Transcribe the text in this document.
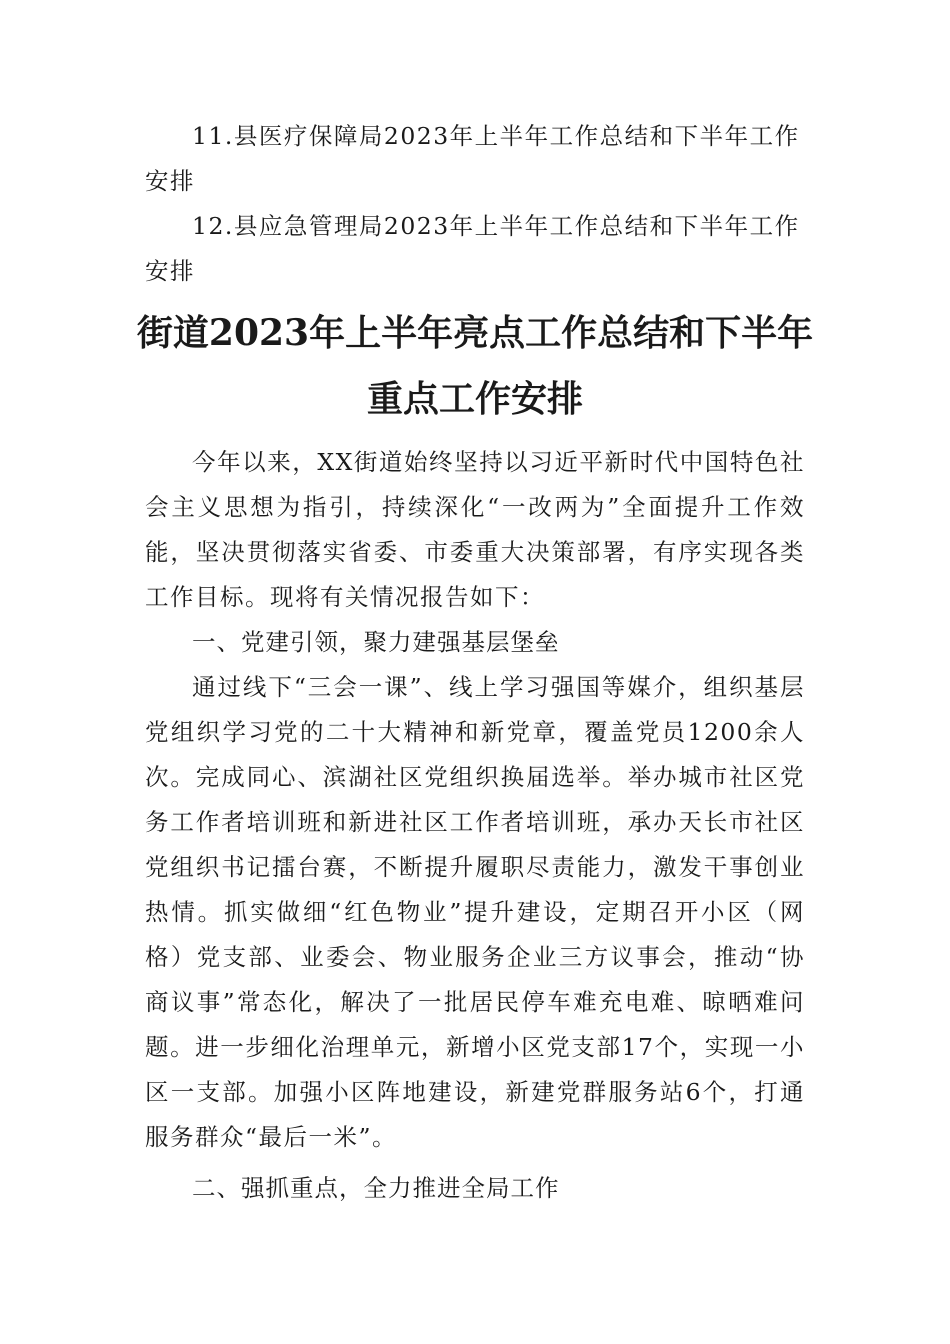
11.县医疗保障局2023年上半年工作总结和下半年工作安排

12.县应急管理局2023年上半年工作总结和下半年工作安排

街道2023年上半年亮点工作总结和下半年
重点工作安排

今年以来，XX街道始终坚持以习近平新时代中国特色社会主义思想为指引，持续深化“一改两为”全面提升工作效能，坚决贯彻落实省委、市委重大决策部署，有序实现各类工作目标。现将有关情况报告如下：

一、党建引领，聚力建强基层堡垒

通过线下“三会一课”、线上学习强国等媒介，组织基层党组织学习党的二十大精神和新党章，覆盖党员1200余人次。完成同心、滨湖社区党组织换届选举。举办城市社区党务工作者培训班和新进社区工作者培训班，承办天长市社区党组织书记擂台赛，不断提升履职尽责能力，激发干事创业热情。抓实做细“红色物业”提升建设，定期召开小区（网格）党支部、业委会、物业服务企业三方议事会，推动“协商议事”常态化，解决了一批居民停车难充电难、晾晒难问题。进一步细化治理单元，新增小区党支部17个，实现一小区一支部。加强小区阵地建设，新建党群服务站6个，打通服务群众“最后一米”。

二、强抓重点，全力推进全局工作
